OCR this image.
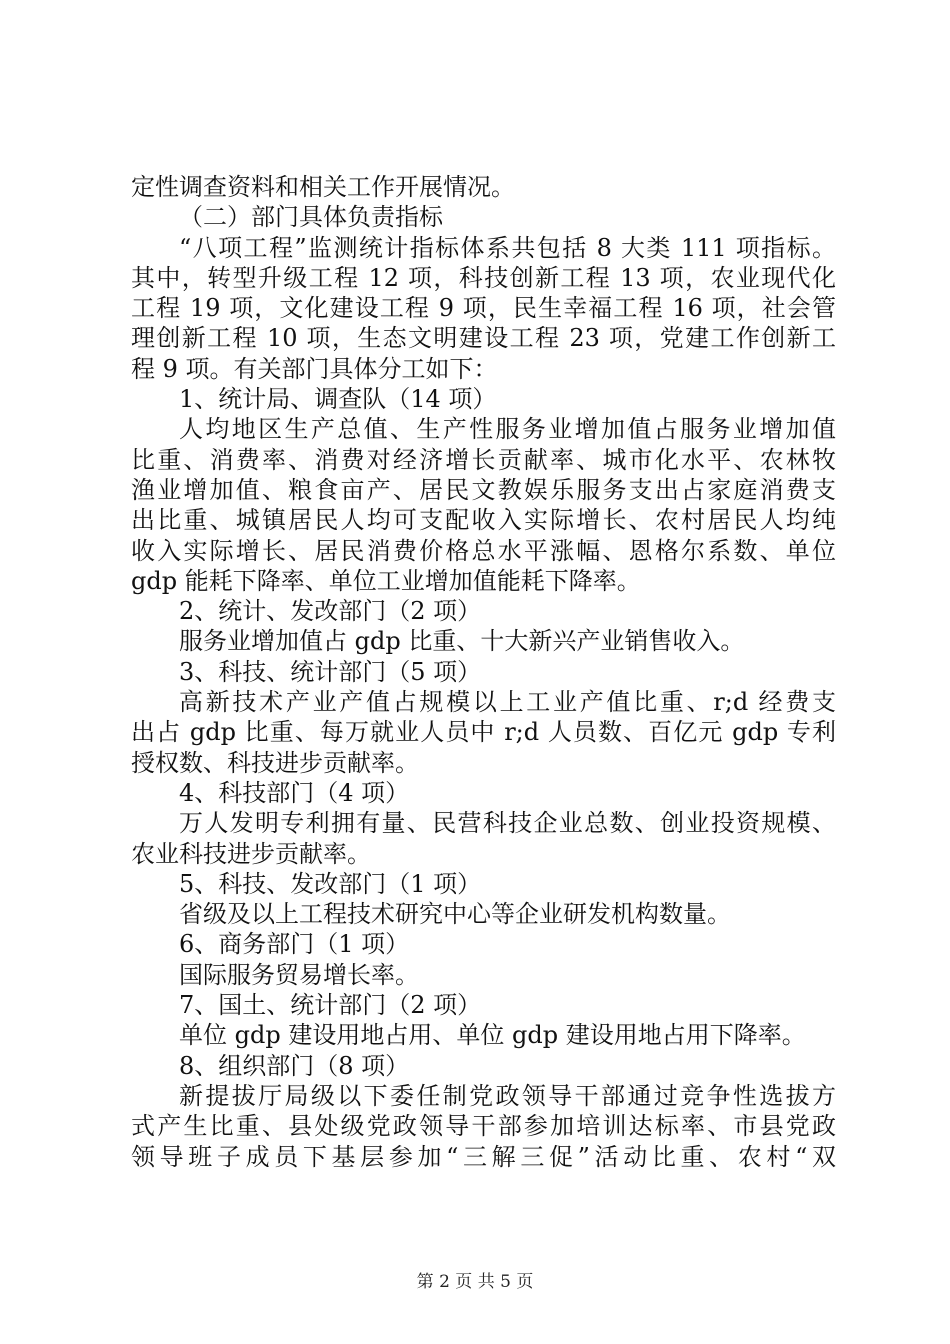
定性调查资料和相关工作开展情况。
（二）部门具体负责指标
“八项工程”监测统计指标体系共包括 8 大类 111 项指标。
其中，转型升级工程 12 项，科技创新工程 13 项，农业现代化
工程 19 项，文化建设工程 9 项，民生幸福工程 16 项，社会管
理创新工程 10 项，生态文明建设工程 23 项，党建工作创新工
程 9 项。有关部门具体分工如下：
1、统计局、调查队（14 项）
人均地区生产总值、生产性服务业增加值占服务业增加值
比重、消费率、消费对经济增长贡献率、城市化水平、农林牧
渔业增加值、粮食亩产、居民文教娱乐服务支出占家庭消费支
出比重、城镇居民人均可支配收入实际增长、农村居民人均纯
收入实际增长、居民消费价格总水平涨幅、恩格尔系数、单位
gdp 能耗下降率、单位工业增加值能耗下降率。
2、统计、发改部门（2 项）
服务业增加值占 gdp 比重、十大新兴产业销售收入。
3、科技、统计部门（5 项）
高新技术产业产值占规模以上工业产值比重、r;d 经费支
出占 gdp 比重、每万就业人员中 r;d 人员数、百亿元 gdp 专利
授权数、科技进步贡献率。
4、科技部门（4 项）
万人发明专利拥有量、民营科技企业总数、创业投资规模、
农业科技进步贡献率。
5、科技、发改部门（1 项）
省级及以上工程技术研究中心等企业研发机构数量。
6、商务部门（1 项）
国际服务贸易增长率。
7、国土、统计部门（2 项）
单位 gdp 建设用地占用、单位 gdp 建设用地占用下降率。
8、组织部门（8 项）
新提拔厅局级以下委任制党政领导干部通过竞争性选拔方
式产生比重、县处级党政领导干部参加培训达标率、市县党政
领导班子成员下基层参加“三解三促”活动比重、农村“双
第 2 页 共 5 页
